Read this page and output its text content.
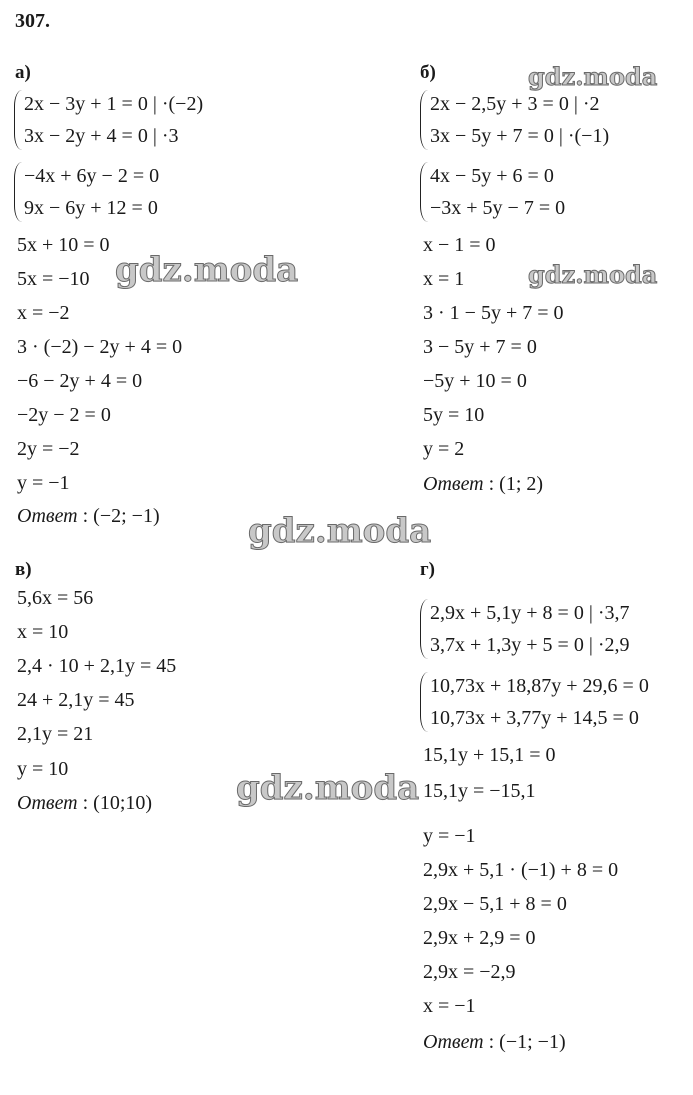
307.
а)
2x − 3y + 1 = 0 | ·(−2)
3x − 2y + 4 = 0 | ·3
−4x + 6y − 2 = 0
9x − 6y + 12 = 0
5x + 10 = 0
5x = −10
x = −2
3 · (−2) − 2y + 4 = 0
−6 − 2y + 4 = 0
−2y − 2 = 0
2y = −2
y = −1
Ответ : (−2; −1)
б)
2x − 2,5y + 3 = 0 | ·2
3x − 5y + 7 = 0 | ·(−1)
4x − 5y + 6 = 0
−3x + 5y − 7 = 0
x − 1 = 0
x = 1
3 · 1 − 5y + 7 = 0
3 − 5y + 7 = 0
−5y + 10 = 0
5y = 10
y = 2
Ответ : (1; 2)
в)
5,6x = 56
x = 10
2,4 · 10 + 2,1y = 45
24 + 2,1y = 45
2,1y = 21
y = 10
Ответ : (10;10)
г)
2,9x + 5,1y + 8 = 0 | ·3,7
3,7x + 1,3y + 5 = 0 | ·2,9
10,73x + 18,87y + 29,6 = 0
10,73x + 3,77y + 14,5 = 0
15,1y + 15,1 = 0
15,1y = −15,1
y = −1
2,9x + 5,1 · (−1) + 8 = 0
2,9x − 5,1 + 8 = 0
2,9x + 2,9 = 0
2,9x = −2,9
x = −1
Ответ : (−1; −1)
gdz.moda
gdz.moda
gdz.moda
gdz.moda
gdz.moda
